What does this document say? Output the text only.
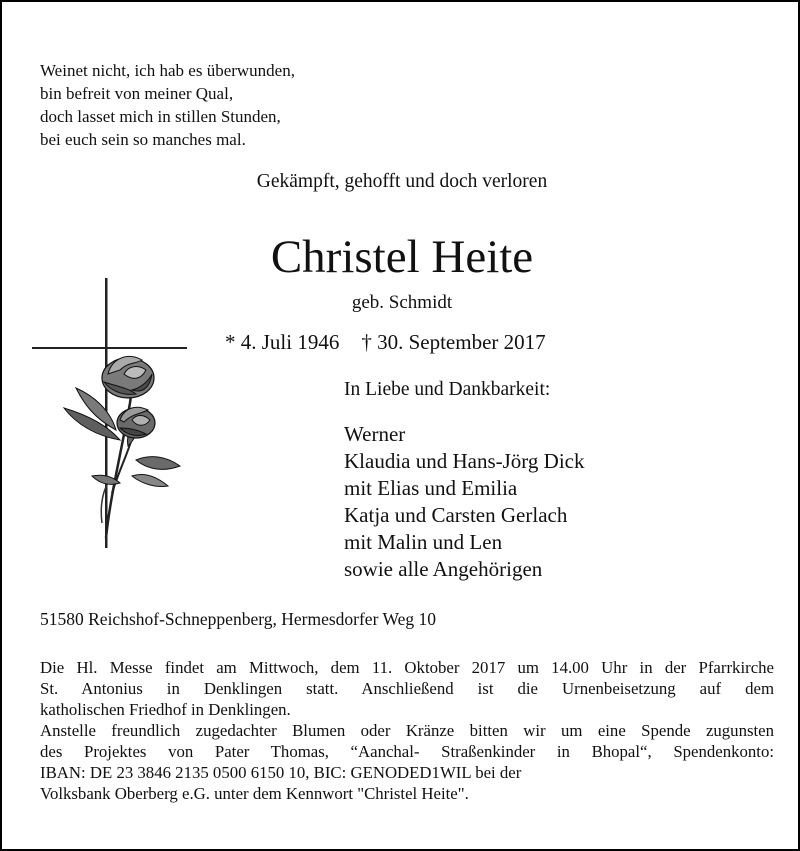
Weinet nicht, ich hab es überwunden,
bin befreit von meiner Qual,
doch lasset mich in stillen Stunden,
bei euch sein so manches mal.
Gekämpft, gehofft und doch verloren
Christel Heite
geb. Schmidt
* 4. Juli 1946 † 30. September 2017
In Liebe und Dankbarkeit:
Werner
Klaudia und Hans-Jörg Dick
mit Elias und Emilia
Katja und Carsten Gerlach
mit Malin und Len
sowie alle Angehörigen
51580 Reichshof-Schneppenberg, Hermesdorfer Weg 10
Die Hl. Messe findet am Mittwoch, dem 11. Oktober 2017 um 14.00 Uhr in der Pfarrkirche
St. Antonius in Denklingen statt. Anschließend ist die Urnenbeisetzung auf dem
katholischen Friedhof in Denklingen.
Anstelle freundlich zugedachter Blumen oder Kränze bitten wir um eine Spende zugunsten
des Projektes von Pater Thomas, “Aanchal- Straßenkinder in Bhopal“, Spendenkonto:
IBAN: DE 23 3846 2135 0500 6150 10, BIC: GENODED1WIL bei der
Volksbank Oberberg e.G. unter dem Kennwort "Christel Heite".
